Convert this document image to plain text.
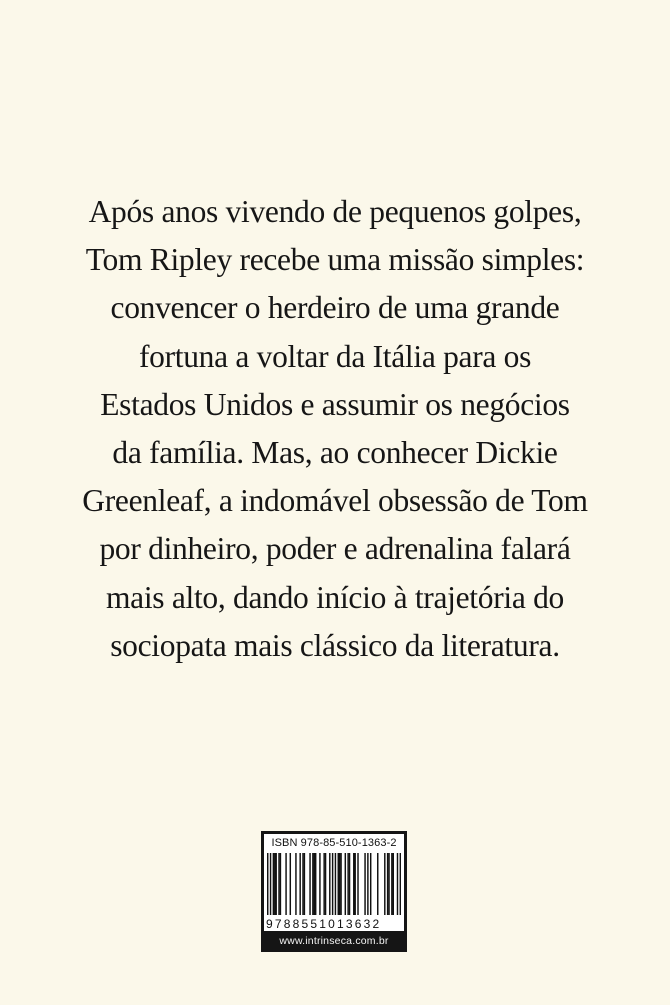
Após anos vivendo de pequenos golpes,
Tom Ripley recebe uma missão simples:
convencer o herdeiro de uma grande
fortuna a voltar da Itália para os
Estados Unidos e assumir os negócios
da família. Mas, ao conhecer Dickie
Greenleaf, a indomável obsessão de Tom
por dinheiro, poder e adrenalina falará
mais alto, dando início à trajetória do
sociopata mais clássico da literatura.
ISBN 978-85-510-1363-2
9788551013632
www.intrinseca.com.br
